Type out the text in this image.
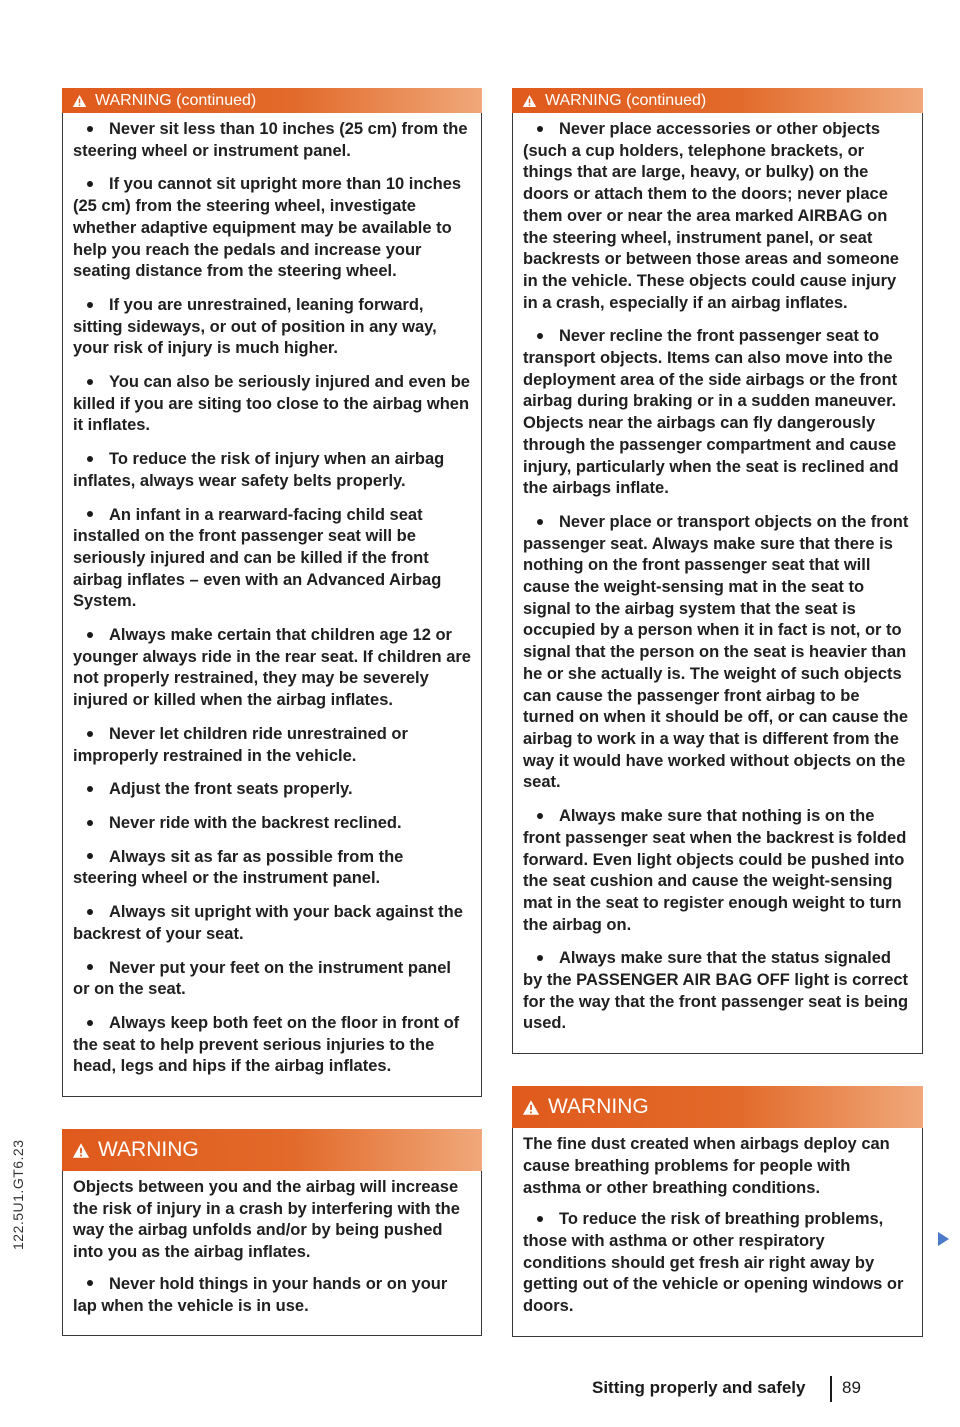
122.5U1.GT6.23
WARNING (continued)
Never sit less than 10 inches (25 cm) from the steering wheel or instrument panel.
If you cannot sit upright more than 10 inches (25 cm) from the steering wheel, investigate whether adaptive equipment may be available to help you reach the pedals and increase your seating distance from the steering wheel.
If you are unrestrained, leaning forward, sitting sideways, or out of position in any way, your risk of injury is much higher.
You can also be seriously injured and even be killed if you are siting too close to the airbag when it inflates.
To reduce the risk of injury when an airbag inflates, always wear safety belts properly.
An infant in a rearward-facing child seat installed on the front passenger seat will be seriously injured and can be killed if the front airbag inflates – even with an Advanced Airbag System.
Always make certain that children age 12 or younger always ride in the rear seat. If children are not properly restrained, they may be severely injured or killed when the airbag inflates.
Never let children ride unrestrained or improperly restrained in the vehicle.
Adjust the front seats properly.
Never ride with the backrest reclined.
Always sit as far as possible from the steering wheel or the instrument panel.
Always sit upright with your back against the backrest of your seat.
Never put your feet on the instrument panel or on the seat.
Always keep both feet on the floor in front of the seat to help prevent serious injuries to the head, legs and hips if the airbag inflates.
WARNING
Objects between you and the airbag will increase the risk of injury in a crash by interfering with the way the airbag unfolds and/or by being pushed into you as the airbag inflates.
Never hold things in your hands or on your lap when the vehicle is in use.
WARNING (continued)
Never place accessories or other objects (such a cup holders, telephone brackets, or things that are large, heavy, or bulky) on the doors or attach them to the doors; never place them over or near the area marked AIRBAG on the steering wheel, instrument panel, or seat backrests or between those areas and someone in the vehicle. These objects could cause injury in a crash, especially if an airbag inflates.
Never recline the front passenger seat to transport objects. Items can also move into the deployment area of the side airbags or the front airbag during braking or in a sudden maneuver. Objects near the airbags can fly dangerously through the passenger compartment and cause injury, particularly when the seat is reclined and the airbags inflate.
Never place or transport objects on the front passenger seat. Always make sure that there is nothing on the front passenger seat that will cause the weight-sensing mat in the seat to signal to the airbag system that the seat is occupied by a person when it in fact is not, or to signal that the person on the seat is heavier than he or she actually is. The weight of such objects can cause the passenger front airbag to be turned on when it should be off, or can cause the airbag to work in a way that is different from the way it would have worked without objects on the seat.
Always make sure that nothing is on the front passenger seat when the backrest is folded forward. Even light objects could be pushed into the seat cushion and cause the weight-sensing mat in the seat to register enough weight to turn the airbag on.
Always make sure that the status signaled by the PASSENGER AIR BAG OFF light is correct for the way that the front passenger seat is being used.
WARNING
The fine dust created when airbags deploy can cause breathing problems for people with asthma or other breathing conditions.
To reduce the risk of breathing problems, those with asthma or other respiratory conditions should get fresh air right away by getting out of the vehicle or opening windows or doors.
Sitting properly and safely 89
